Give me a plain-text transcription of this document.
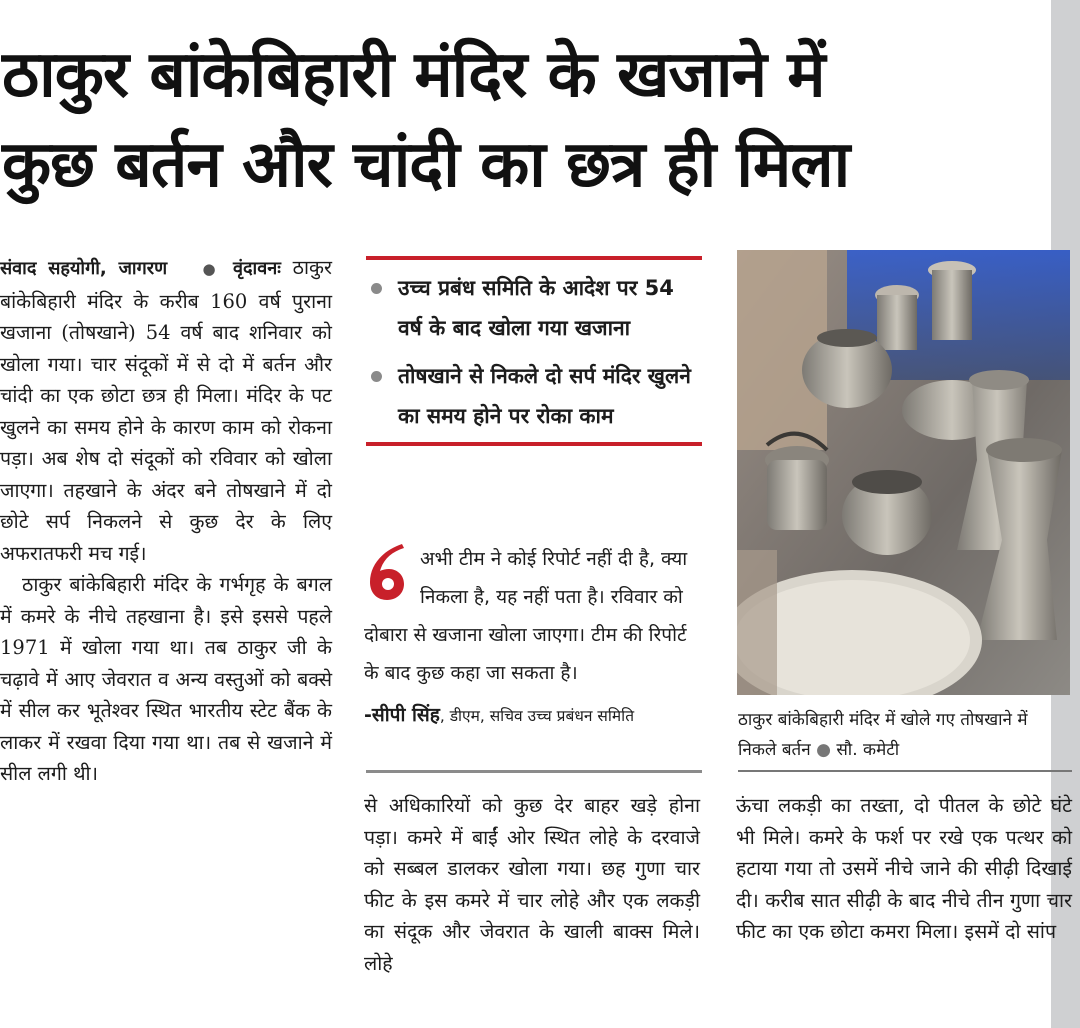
ठाकुर बांकेबिहारी मंदिर के खजाने में
कुछ बर्तन और चांदी का छत्र ही मिला

संवाद सहयोगी, जागरण ● वृंदावनः ठाकुर बांकेबिहारी मंदिर के करीब 160 वर्ष पुराना खजाना (तोषखाने) 54 वर्ष बाद शनिवार को खोला गया। चार संदूकों में से दो में बर्तन और चांदी का एक छोटा छत्र ही मिला। मंदिर के पट खुलने का समय होने के कारण काम को रोकना पड़ा। अब शेष दो संदूकों को रविवार को खोला जाएगा। तहखाने के अंदर बने तोषखाने में दो छोटे सर्प निकलने से कुछ देर के लिए अफरातफरी मच गई।

ठाकुर बांकेबिहारी मंदिर के गर्भगृह के बगल में कमरे के नीचे तहखाना है। इसे इससे पहले 1971 में खोला गया था। तब ठाकुर जी के चढ़ावे में आए जेवरात व अन्य वस्तुओं को बक्से में सील कर भूतेश्वर स्थित भारतीय स्टेट बैंक के लाकर में रखवा दिया गया था। तब से खजाने में सील लगी थी।

उच्च प्रबंध समिति के आदेश पर 54 वर्ष के बाद खोला गया खजाना
तोषखाने से निकले दो सर्प मंदिर खुलने का समय होने पर रोका काम
अभी टीम ने कोई रिपोर्ट नहीं दी है, क्या निकला है, यह नहीं पता है। रविवार को दोबारा से खजाना खोला जाएगा। टीम की रिपोर्ट के बाद कुछ कहा जा सकता है।
-सीपी सिंह, डीएम, सचिव उच्च प्रबंधन समिति
से अधिकारियों को कुछ देर बाहर खड़े होना पड़ा। कमरे में बाईं ओर स्थित लोहे के दरवाजे को सब्बल डालकर खोला गया। छह गुणा चार फीट के इस कमरे में चार लोहे और एक लकड़ी का संदूक और जेवरात के खाली बाक्स मिले। लोहे
ठाकुर बांकेबिहारी मंदिर में खोले गए तोषखाने में निकले बर्तन ● सौ. कमेटी
ऊंचा लकड़ी का तख्ता, दो पीतल के छोटे घंटे भी मिले। कमरे के फर्श पर रखे एक पत्थर को हटाया गया तो उसमें नीचे जाने की सीढ़ी दिखाई दी। करीब सात सीढ़ी के बाद नीचे तीन गुणा चार फीट का एक छोटा कमरा मिला। इसमें दो सांप
